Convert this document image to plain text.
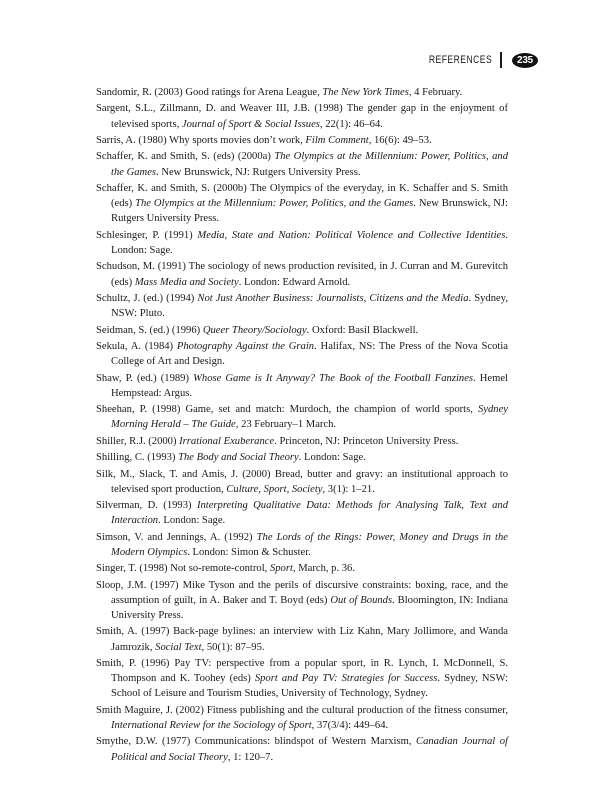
REFERENCES	235
Sandomir, R. (2003) Good ratings for Arena League, The New York Times, 4 February.
Sargent, S.L., Zillmann, D. and Weaver III, J.B. (1998) The gender gap in the enjoyment of televised sports, Journal of Sport & Social Issues, 22(1): 46–64.
Sarris, A. (1980) Why sports movies don’t work, Film Comment, 16(6): 49–53.
Schaffer, K. and Smith, S. (eds) (2000a) The Olympics at the Millennium: Power, Politics, and the Games. New Brunswick, NJ: Rutgers University Press.
Schaffer, K. and Smith, S. (2000b) The Olympics of the everyday, in K. Schaffer and S. Smith (eds) The Olympics at the Millennium: Power, Politics, and the Games. New Brunswick, NJ: Rutgers University Press.
Schlesinger, P. (1991) Media, State and Nation: Political Violence and Collective Identities. London: Sage.
Schudson, M. (1991) The sociology of news production revisited, in J. Curran and M. Gurevitch (eds) Mass Media and Society. London: Edward Arnold.
Schultz, J. (ed.) (1994) Not Just Another Business: Journalists, Citizens and the Media. Sydney, NSW: Pluto.
Seidman, S. (ed.) (1996) Queer Theory/Sociology. Oxford: Basil Blackwell.
Sekula, A. (1984) Photography Against the Grain. Halifax, NS: The Press of the Nova Scotia College of Art and Design.
Shaw, P. (ed.) (1989) Whose Game is It Anyway? The Book of the Football Fanzines. Hemel Hempstead: Argus.
Sheehan, P. (1998) Game, set and match: Murdoch, the champion of world sports, Sydney Morning Herald – The Guide, 23 February–1 March.
Shiller, R.J. (2000) Irrational Exuberance. Princeton, NJ: Princeton University Press.
Shilling, C. (1993) The Body and Social Theory. London: Sage.
Silk, M., Slack, T. and Amis, J. (2000) Bread, butter and gravy: an institutional approach to televised sport production, Culture, Sport, Society, 3(1): 1–21.
Silverman, D. (1993) Interpreting Qualitative Data: Methods for Analysing Talk, Text and Interaction. London: Sage.
Simson, V. and Jennings, A. (1992) The Lords of the Rings: Power, Money and Drugs in the Modern Olympics. London: Simon & Schuster.
Singer, T. (1998) Not so-remote-control, Sport, March, p. 36.
Sloop, J.M. (1997) Mike Tyson and the perils of discursive constraints: boxing, race, and the assumption of guilt, in A. Baker and T. Boyd (eds) Out of Bounds. Bloomington, IN: Indiana University Press.
Smith, A. (1997) Back-page bylines: an interview with Liz Kahn, Mary Jollimore, and Wanda Jamrozik, Social Text, 50(1): 87–95.
Smith, P. (1996) Pay TV: perspective from a popular sport, in R. Lynch, I. McDonnell, S. Thompson and K. Toohey (eds) Sport and Pay TV: Strategies for Success. Sydney, NSW: School of Leisure and Tourism Studies, University of Technology, Sydney.
Smith Maguire, J. (2002) Fitness publishing and the cultural production of the fitness consumer, International Review for the Sociology of Sport, 37(3/4): 449–64.
Smythe, D.W. (1977) Communications: blindspot of Western Marxism, Canadian Journal of Political and Social Theory, 1: 120–7.
